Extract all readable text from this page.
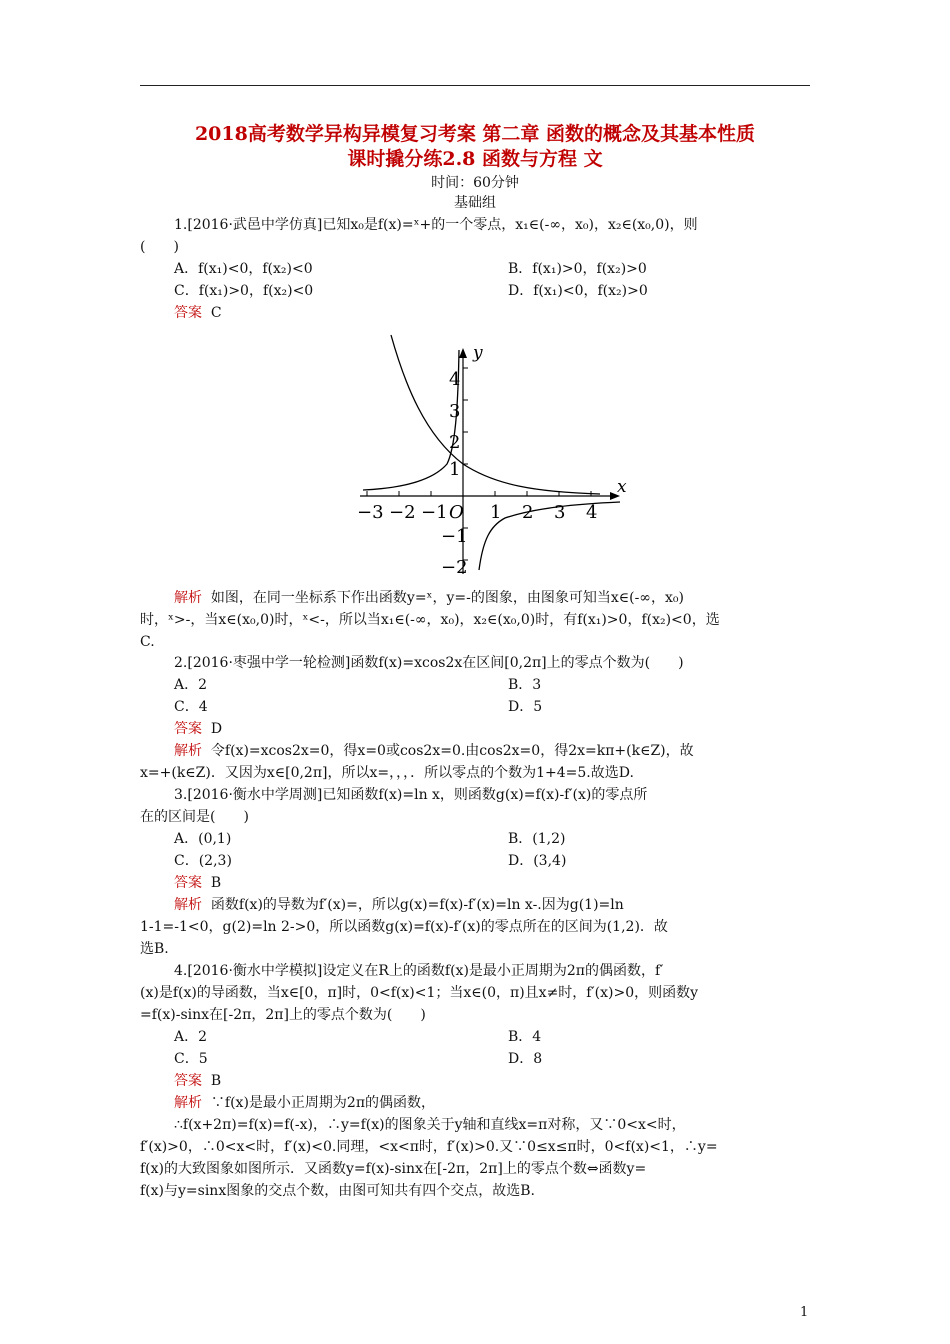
2018高考数学异构异模复习考案 第二章 函数的概念及其基本性质
课时撬分练2.8 函数与方程 文
时间：60分钟
基础组
1.[2016·武邑中学仿真]已知x₀是f(x)=ˣ+的一个零点，x₁∈(-∞，x₀)，x₂∈(x₀,0)，则
(　　)
A．f(x₁)<0，f(x₂)<0	B．f(x₁)>0，f(x₂)>0
C．f(x₁)>0，f(x₂)<0	D．f(x₁)<0，f(x₂)>0
答案 C
x
y
O
−3 −2 −1 1 2 3 4
4
3
2
1
−1
−2
解析 如图，在同一坐标系下作出函数y=ˣ，y=-的图象，由图象可知当x∈(-∞，x₀)
时，ˣ>-，当x∈(x₀,0)时，ˣ<-，所以当x₁∈(-∞，x₀)，x₂∈(x₀,0)时，有f(x₁)>0，f(x₂)<0，选
C.
2.[2016·枣强中学一轮检测]函数f(x)=xcos2x在区间[0,2π]上的零点个数为(　　)
A．2	B．3
C．4	D．5
答案 D
解析 令f(x)=xcos2x=0，得x=0或cos2x=0.由cos2x=0，得2x=kπ+(k∈Z)，故
x=+(k∈Z)．又因为x∈[0,2π]，所以x=，，，．所以零点的个数为1+4=5.故选D.
3.[2016·衡水中学周测]已知函数f(x)=ln x，则函数g(x)=f(x)-f′(x)的零点所
在的区间是(　　)
A．(0,1)	B．(1,2)
C．(2,3)	D．(3,4)
答案 B
解析 函数f(x)的导数为f′(x)=，所以g(x)=f(x)-f′(x)=ln x-.因为g(1)=ln
1-1=-1<0，g(2)=ln 2->0，所以函数g(x)=f(x)-f′(x)的零点所在的区间为(1,2)．故
选B.
4.[2016·衡水中学模拟]设定义在R上的函数f(x)是最小正周期为2π的偶函数，f′
(x)是f(x)的导函数，当x∈[0，π]时，0<f(x)<1；当x∈(0，π)且x≠时，f′(x)>0，则函数y
=f(x)-sinx在[-2π，2π]上的零点个数为(　　)
A．2	B．4
C．5	D．8
答案 B
解析 ∵f(x)是最小正周期为2π的偶函数，
∴f(x+2π)=f(x)=f(-x)，∴y=f(x)的图象关于y轴和直线x=π对称，又∵0<x<时，
f′(x)>0，∴0<x<时，f′(x)<0.同理，<x<π时，f′(x)>0.又∵0≤x≤π时，0<f(x)<1，∴y=
f(x)的大致图象如图所示．又函数y=f(x)-sinx在[-2π，2π]上的零点个数⇔函数y=
f(x)与y=sinx图象的交点个数，由图可知共有四个交点，故选B.
1
